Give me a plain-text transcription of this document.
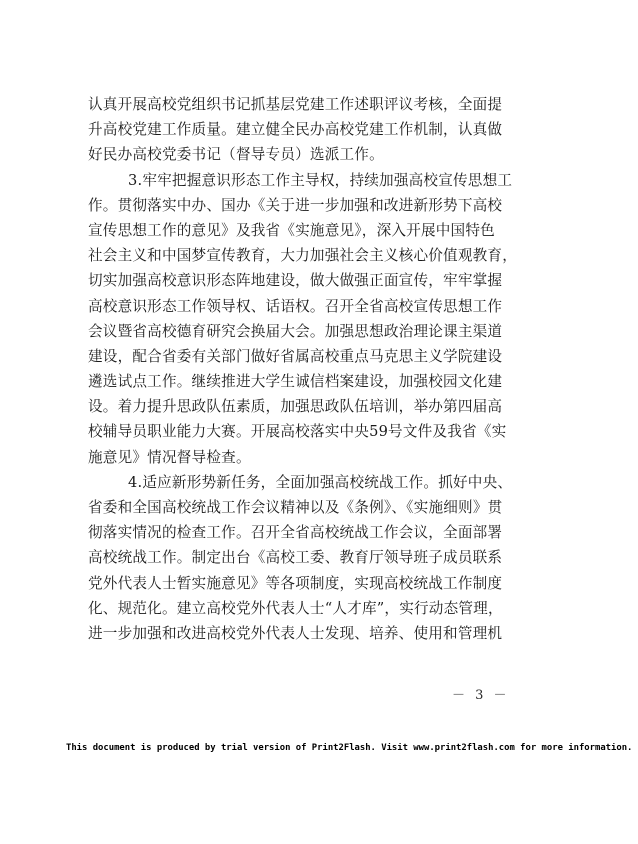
认真开展高校党组织书记抓基层党建工作述职评议考核，全面提
升高校党建工作质量。建立健全民办高校党建工作机制，认真做
好民办高校党委书记（督导专员）选派工作。
3.牢牢把握意识形态工作主导权，持续加强高校宣传思想工
作。贯彻落实中办、国办《关于进一步加强和改进新形势下高校
宣传思想工作的意见》及我省《实施意见》，深入开展中国特色
社会主义和中国梦宣传教育，大力加强社会主义核心价值观教育，
切实加强高校意识形态阵地建设，做大做强正面宣传，牢牢掌握
高校意识形态工作领导权、话语权。召开全省高校宣传思想工作
会议暨省高校德育研究会换届大会。加强思想政治理论课主渠道
建设，配合省委有关部门做好省属高校重点马克思主义学院建设
遴选试点工作。继续推进大学生诚信档案建设，加强校园文化建
设。着力提升思政队伍素质，加强思政队伍培训，举办第四届高
校辅导员职业能力大赛。开展高校落实中央59号文件及我省《实
施意见》情况督导检查。
4.适应新形势新任务，全面加强高校统战工作。抓好中央、
省委和全国高校统战工作会议精神以及《条例》、《实施细则》贯
彻落实情况的检查工作。召开全省高校统战工作会议，全面部署
高校统战工作。制定出台《高校工委、教育厅领导班子成员联系
党外代表人士暂实施意见》等各项制度，实现高校统战工作制度
化、规范化。建立高校党外代表人士“人才库”，实行动态管理，
进一步加强和改进高校党外代表人士发现、培养、使用和管理机
－ 3 －
This document is produced by trial version of Print2Flash. Visit www.print2flash.com for more information.
